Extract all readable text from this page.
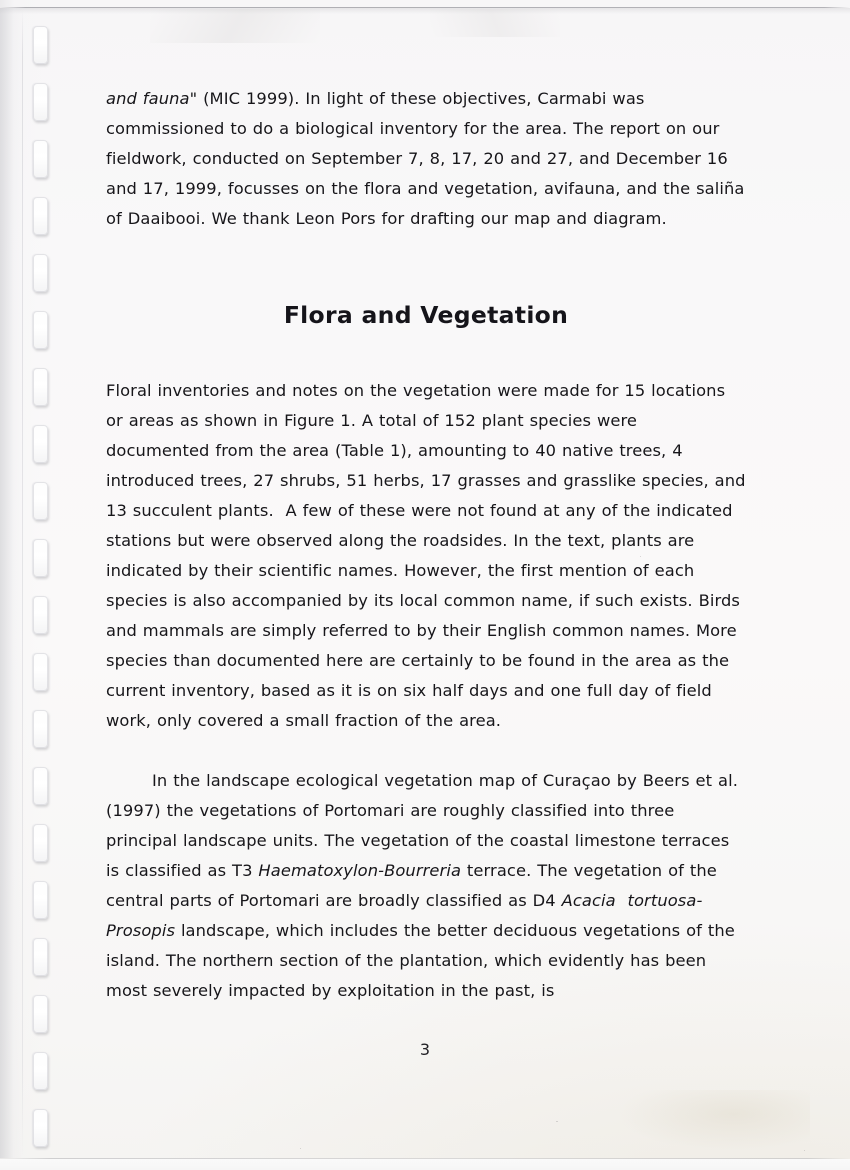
and fauna" (MIC 1999). In light of these objectives, Carmabi was commissioned to do a biological inventory for the area. The report on our fieldwork, conducted on September 7, 8, 17, 20 and 27, and December 16 and 17, 1999, focusses on the flora and vegetation, avifauna, and the saliña of Daaibooi. We thank Leon Pors for drafting our map and diagram.

Flora and Vegetation

Floral inventories and notes on the vegetation were made for 15 locations or areas as shown in Figure 1. A total of 152 plant species were documented from the area (Table 1), amounting to 40 native trees, 4 introduced trees, 27 shrubs, 51 herbs, 17 grasses and grasslike species, and 13 succulent plants.  A few of these were not found at any of the indicated stations but were observed along the roadsides. In the text, plants are indicated by their scientific names. However, the first mention of each species is also accompanied by its local common name, if such exists. Birds and mammals are simply referred to by their English common names. More species than documented here are certainly to be found in the area as the current inventory, based as it is on six half days and one full day of field work, only covered a small fraction of the area.

In the landscape ecological vegetation map of Curaçao by Beers et al. (1997) the vegetations of Portomari are roughly classified into three principal landscape units. The vegetation of the coastal limestone terraces is classified as T3 Haematoxylon-Bourreria terrace. The vegetation of the central parts of Portomari are broadly classified as D4 Acacia  tortuosa-Prosopis landscape, which includes the better deciduous vegetations of the island. The northern section of the plantation, which evidently has been most severely impacted by exploitation in the past, is

3
